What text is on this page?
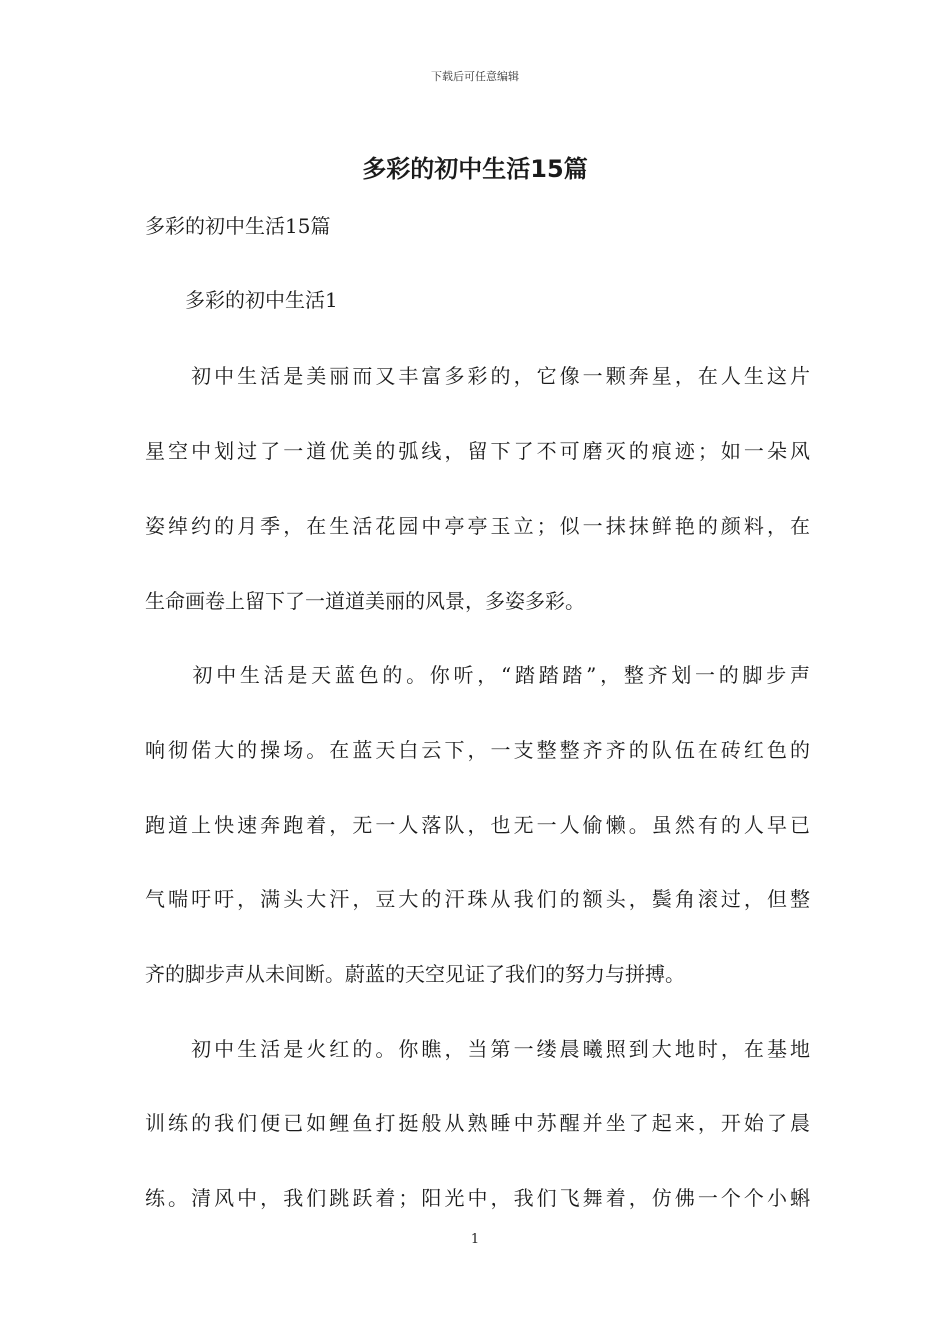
下载后可任意编辑
多彩的初中生活15篇
多彩的初中生活15篇
　　多彩的初中生活1
　　初中生活是美丽而又丰富多彩的，它像一颗奔星，在人生这片
星空中划过了一道优美的弧线，留下了不可磨灭的痕迹；如一朵风
姿绰约的月季，在生活花园中亭亭玉立；似一抹抹鲜艳的颜料，在
生命画卷上留下了一道道美丽的风景，多姿多彩。
　　初中生活是天蓝色的。你听，“踏踏踏”，整齐划一的脚步声
响彻偌大的操场。在蓝天白云下，一支整整齐齐的队伍在砖红色的
跑道上快速奔跑着，无一人落队，也无一人偷懒。虽然有的人早已
气喘吁吁，满头大汗，豆大的汗珠从我们的额头，鬓角滚过，但整
齐的脚步声从未间断。蔚蓝的天空见证了我们的努力与拼搏。
　　初中生活是火红的。你瞧，当第一缕晨曦照到大地时，在基地
训练的我们便已如鲤鱼打挺般从熟睡中苏醒并坐了起来，开始了晨
练。清风中，我们跳跃着；阳光中，我们飞舞着，仿佛一个个小蝌
1
